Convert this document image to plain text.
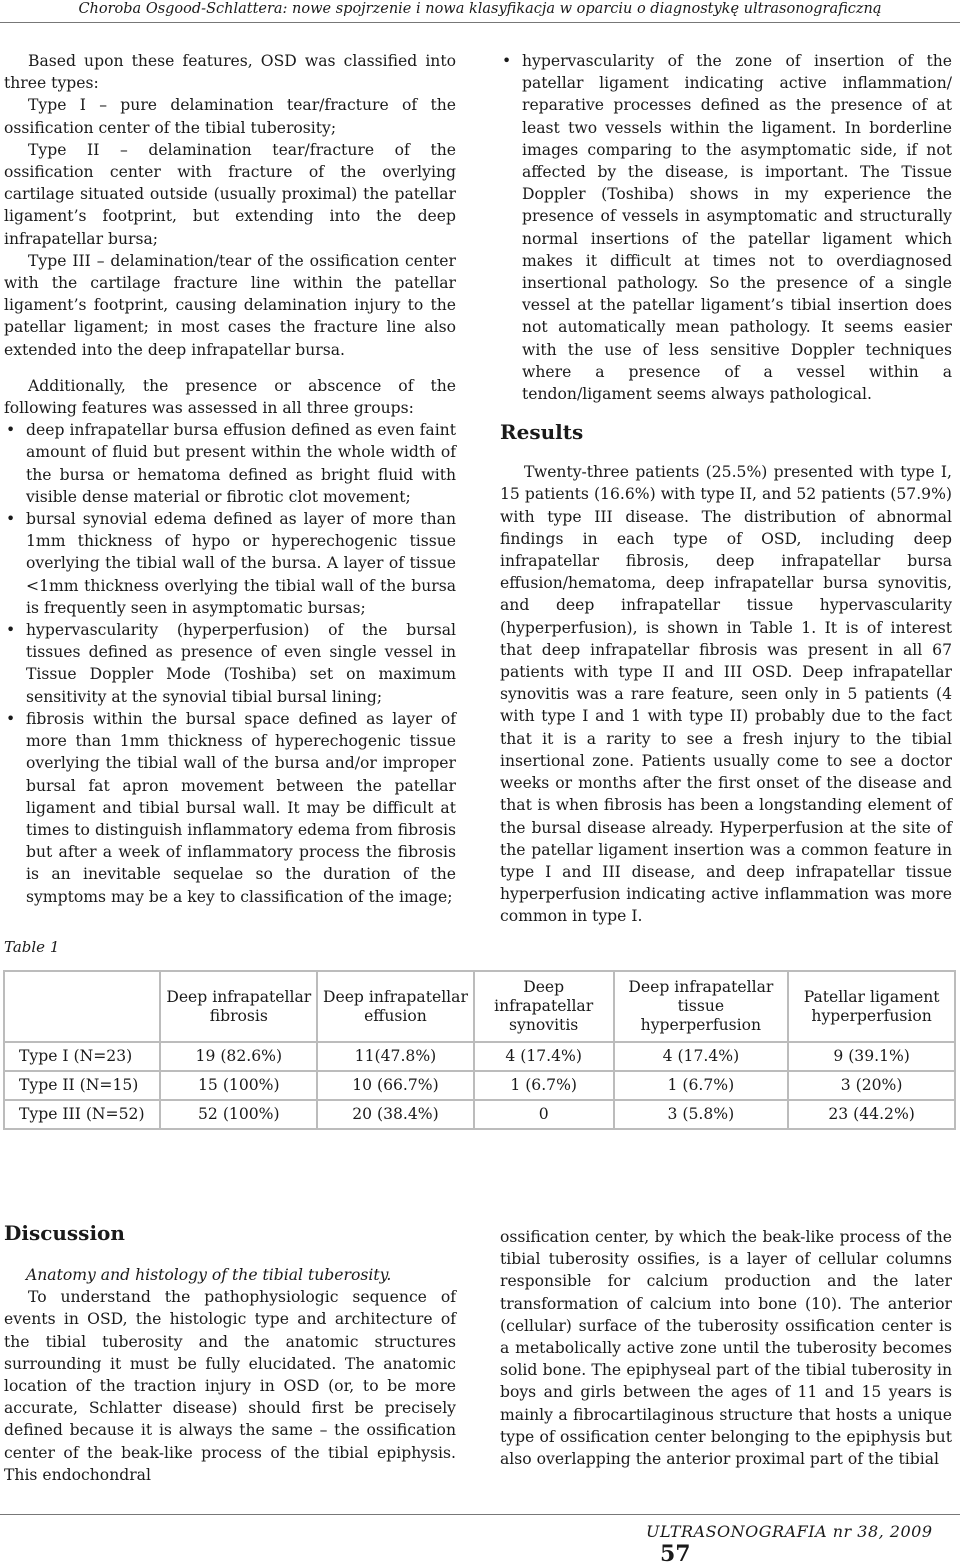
Choroba Osgood-Schlattera: nowe spojrzenie i nowa klasyfikacja w oparciu o diagnostykę ultrasonograficzną

Based upon these features, OSD was classified into three types:

Type I – pure delamination tear/fracture of the ossification center of the tibial tuberosity;

Type II – delamination tear/fracture of the ossification center with fracture of the overlying cartilage situated outside (usually proximal) the patellar ligament’s footprint, but extending into the deep infrapatellar bursa;

Type III – delamination/tear of the ossification center with the cartilage fracture line within the patellar ligament’s footprint, causing delamination injury to the patellar ligament; in most cases the fracture line also extended into the deep infrapatellar bursa.

Additionally, the presence or abscence of the following features was assessed in all three groups:

• deep infrapatellar bursa effusion defined as even faint amount of fluid but present within the whole width of the bursa or hematoma defined as bright fluid with visible dense material or fibrotic clot movement;
• bursal synovial edema defined as layer of more than 1mm thickness of hypo or hyperechogenic tissue overlying the tibial wall of the bursa. A layer of tissue <1mm thickness overlying the tibial wall of the bursa is frequently seen in asymptomatic bursas;
• hypervascularity (hyperperfusion) of the bursal tissues defined as presence of even single vessel in Tissue Doppler Mode (Toshiba) set on maximum sensitivity at the synovial tibial bursal lining;
• fibrosis within the bursal space defined as layer of more than 1mm thickness of hyperechogenic tissue overlying the tibial wall of the bursa and/or improper bursal fat apron movement between the patellar ligament and tibial bursal wall. It may be difficult at times to distinguish inflammatory edema from fibrosis but after a week of inflammatory process the fibrosis is an inevitable sequelae so the duration of the symptoms may be a key to classification of the image;
• hypervascularity of the zone of insertion of the patellar ligament indicating active inflammation/ reparative processes defined as the presence of at least two vessels within the ligament. In borderline images comparing to the asymptomatic side, if not affected by the disease, is important. The Tissue Doppler (Toshiba) shows in my experience the presence of vessels in asymptomatic and structurally normal insertions of the patellar ligament which makes it difficult at times not to overdiagnosed insertional pathology. So the presence of a single vessel at the patellar ligament’s tibial insertion does not automatically mean pathology. It seems easier with the use of less sensitive Doppler techniques where a presence of a vessel within a tendon/ligament seems always pathological.
Results

Twenty-three patients (25.5%) presented with type I, 15 patients (16.6%) with type II, and 52 patients (57.9%) with type III disease. The distribution of abnormal findings in each type of OSD, including deep infrapatellar fibrosis, deep infrapatellar bursa effusion/hematoma, deep infrapatellar bursa synovitis, and deep infrapatellar tissue hypervascularity (hyperperfusion), is shown in Table 1. It is of interest that deep infrapatellar fibrosis was present in all 67 patients with type II and III OSD. Deep infrapatellar synovitis was a rare feature, seen only in 5 patients (4 with type I and 1 with type II) probably due to the fact that it is a rarity to see a fresh injury to the tibial insertional zone. Patients usually come to see a doctor weeks or months after the first onset of the disease and that is when fibrosis has been a longstanding element of the bursal disease already. Hyperperfusion at the site of the patellar ligament insertion was a common feature in type I and III disease, and deep infrapatellar tissue hyperperfusion indicating active inflammation was more common in type I.

Table 1
	Deep infrapatellar fibrosis	Deep infrapatellar effusion	Deep infrapatellar synovitis	Deep infrapatellar tissue hyperperfusion	Patellar ligament hyperperfusion
Type I (N=23)	19 (82.6%)	11(47.8%)	4 (17.4%)	4 (17.4%)	9 (39.1%)
Type II (N=15)	15 (100%)	10 (66.7%)	1 (6.7%)	1 (6.7%)	3 (20%)
Type III (N=52)	52 (100%)	20 (38.4%)	0	3 (5.8%)	23 (44.2%)
Discussion

Anatomy and histology of the tibial tuberosity.

To understand the pathophysiologic sequence of events in OSD, the histologic type and architecture of the tibial tuberosity and the anatomic structures surrounding it must be fully elucidated. The anatomic location of the traction injury in OSD (or, to be more accurate, Schlatter disease) should first be precisely defined because it is always the same – the ossification center of the beak-like process of the tibial epiphysis. This endochondral

ossification center, by which the beak-like process of the tibial tuberosity ossifies, is a layer of cellular columns responsible for calcium production and the later transformation of calcium into bone (10). The anterior (cellular) surface of the tuberosity ossification center is a metabolically active zone until the tuberosity becomes solid bone. The epiphyseal part of the tibial tuberosity in boys and girls between the ages of 11 and 15 years is mainly a fibrocartilaginous structure that hosts a unique type of ossification center belonging to the epiphysis but also overlapping the anterior proximal part of the tibial

ULTRASONOGRAFIA nr 38, 2009 57
